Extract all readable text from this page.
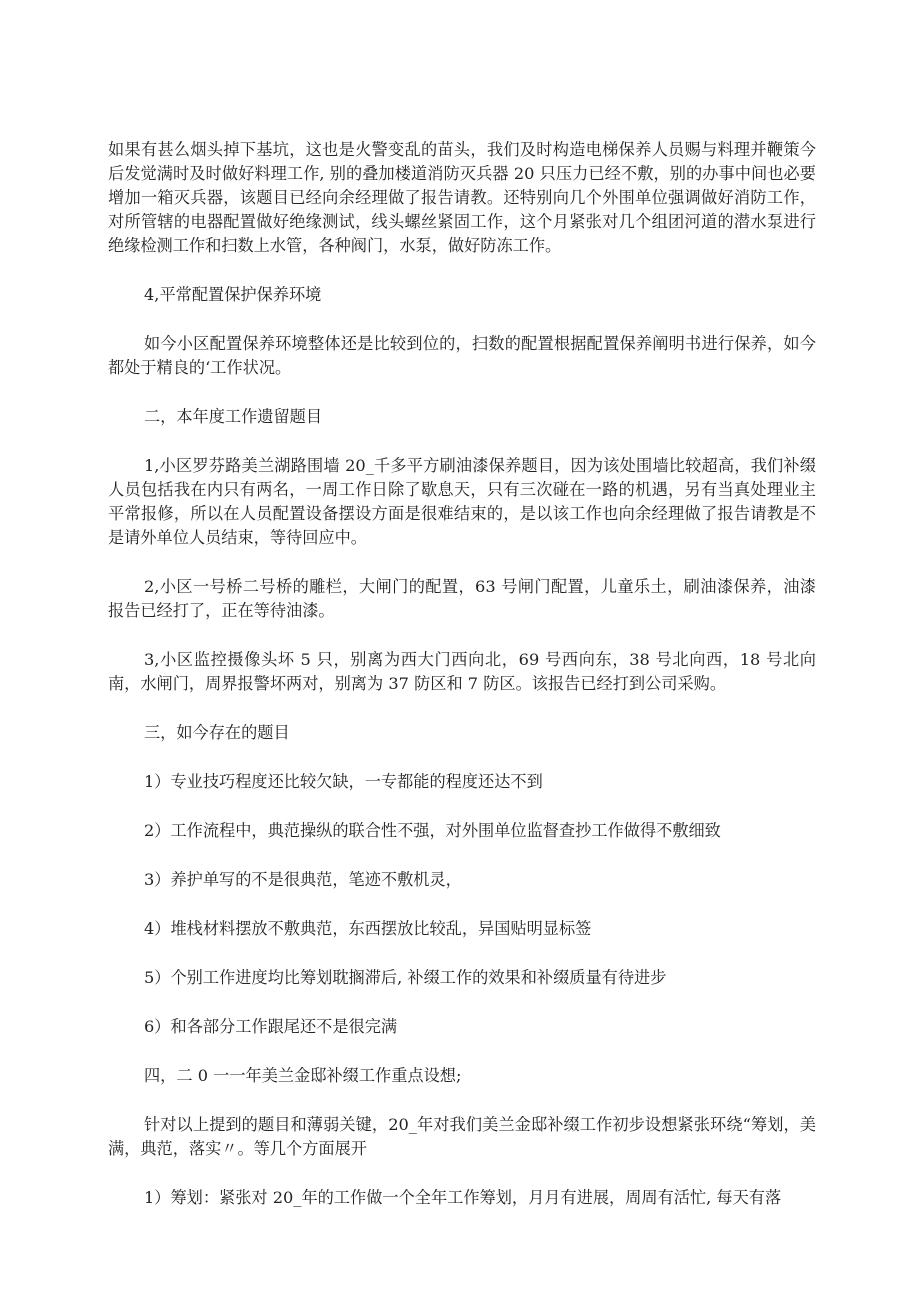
如果有甚么烟头掉下基坑，这也是火警变乱的苗头，我们及时构造电梯保养人员赐与料理并鞭策今后发觉满时及时做好料理工作, 别的叠加楼道消防灭兵器 20 只压力已经不敷，别的办事中间也必要增加一箱灭兵器，该题目已经向余经理做了报告请教。还特别向几个外围单位强调做好消防工作，对所管辖的电器配置做好绝缘测试，线头螺丝紧固工作，这个月紧张对几个组团河道的潜水泵进行绝缘检测工作和扫数上水管，各种阀门，水泵，做好防冻工作。

4,平常配置保护保养环境

如今小区配置保养环境整体还是比较到位的，扫数的配置根据配置保养阐明书进行保养，如今都处于精良的‘工作状况。

二，本年度工作遗留题目

1,小区罗芬路美兰湖路围墙 20_千多平方刷油漆保养题目，因为该处围墙比较超高，我们补缀人员包括我在内只有两名，一周工作日除了歇息天，只有三次碰在一路的机遇，另有当真处理业主平常报修，所以在人员配置设备摆设方面是很难结束的，是以该工作也向余经理做了报告请教是不是请外单位人员结束，等待回应中。

2,小区一号桥二号桥的雕栏，大闸门的配置，63 号闸门配置，儿童乐土，刷油漆保养，油漆报告已经打了，正在等待油漆。

3,小区监控摄像头坏 5 只，别离为西大门西向北，69 号西向东，38 号北向西，18 号北向南，水闸门，周界报警坏两对，别离为 37 防区和 7 防区。该报告已经打到公司采购。

三，如今存在的题目

1）专业技巧程度还比较欠缺，一专都能的程度还达不到

2）工作流程中，典范操纵的联合性不强，对外围单位监督查抄工作做得不敷细致

3）养护单写的不是很典范，笔迹不敷机灵，

4）堆栈材料摆放不敷典范，东西摆放比较乱，异国贴明显标签

5）个别工作进度均比筹划耽搁滞后, 补缀工作的效果和补缀质量有待进步

6）和各部分工作跟尾还不是很完满

四，二 0 一一年美兰金邸补缀工作重点设想;

针对以上提到的题目和薄弱关键，20_年对我们美兰金邸补缀工作初步设想紧张环绕“筹划，美满，典范，落实〃。等几个方面展开

1）筹划：紧张对 20_年的工作做一个全年工作筹划，月月有进展，周周有活忙, 每天有落
